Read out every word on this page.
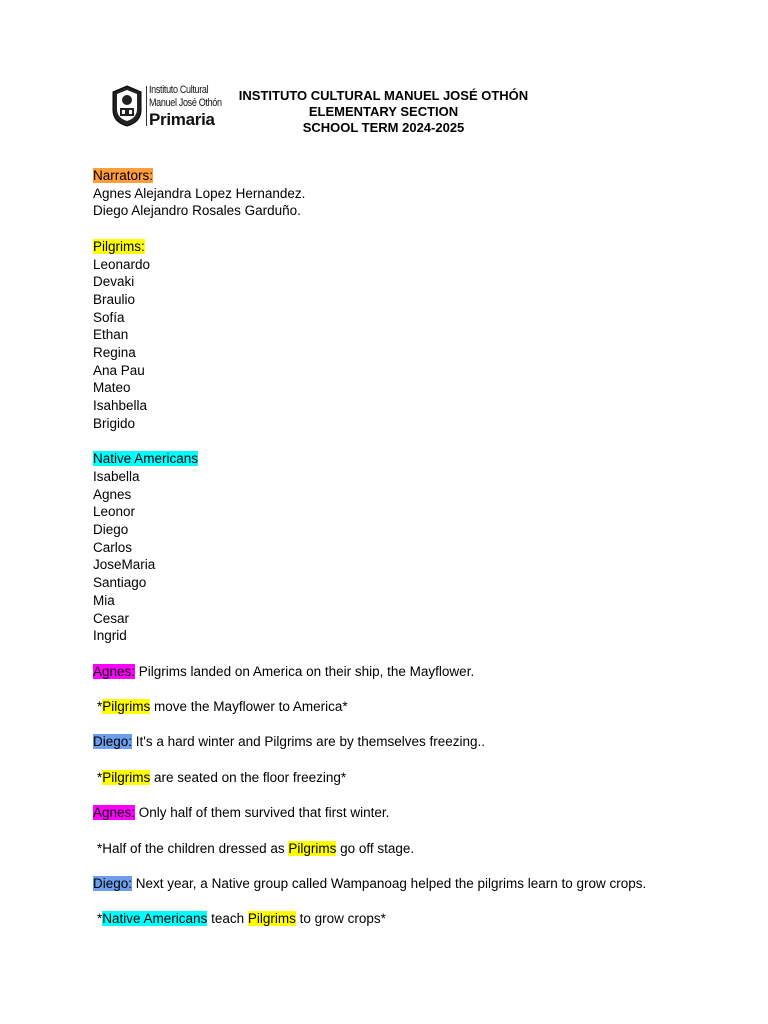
Instituto Cultural
Manuel José Othón
Primaria
INSTITUTO CULTURAL MANUEL JOSÉ OTHÓN
ELEMENTARY SECTION
SCHOOL TERM 2024-2025
Narrators:
Agnes Alejandra Lopez Hernandez.
Diego Alejandro Rosales Garduño.
Pilgrims:
Leonardo
Devaki
Braulio
Sofía
Ethan
Regina
Ana Pau
Mateo
Isahbella
Brigido
Native Americans
Isabella
Agnes
Leonor
Diego
Carlos
JoseMaria
Santiago
Mia
Cesar
Ingrid
Agnes: Pilgrims landed on America on their ship, the Mayflower.
*Pilgrims move the Mayflower to America*
Diego: It's a hard winter and Pilgrims are by themselves freezing..
*Pilgrims are seated on the floor freezing*
Agnes: Only half of them survived that first winter.
*Half of the children dressed as Pilgrims go off stage.
Diego: Next year, a Native group called Wampanoag helped the pilgrims learn to grow crops.
*Native Americans teach Pilgrims to grow crops*
